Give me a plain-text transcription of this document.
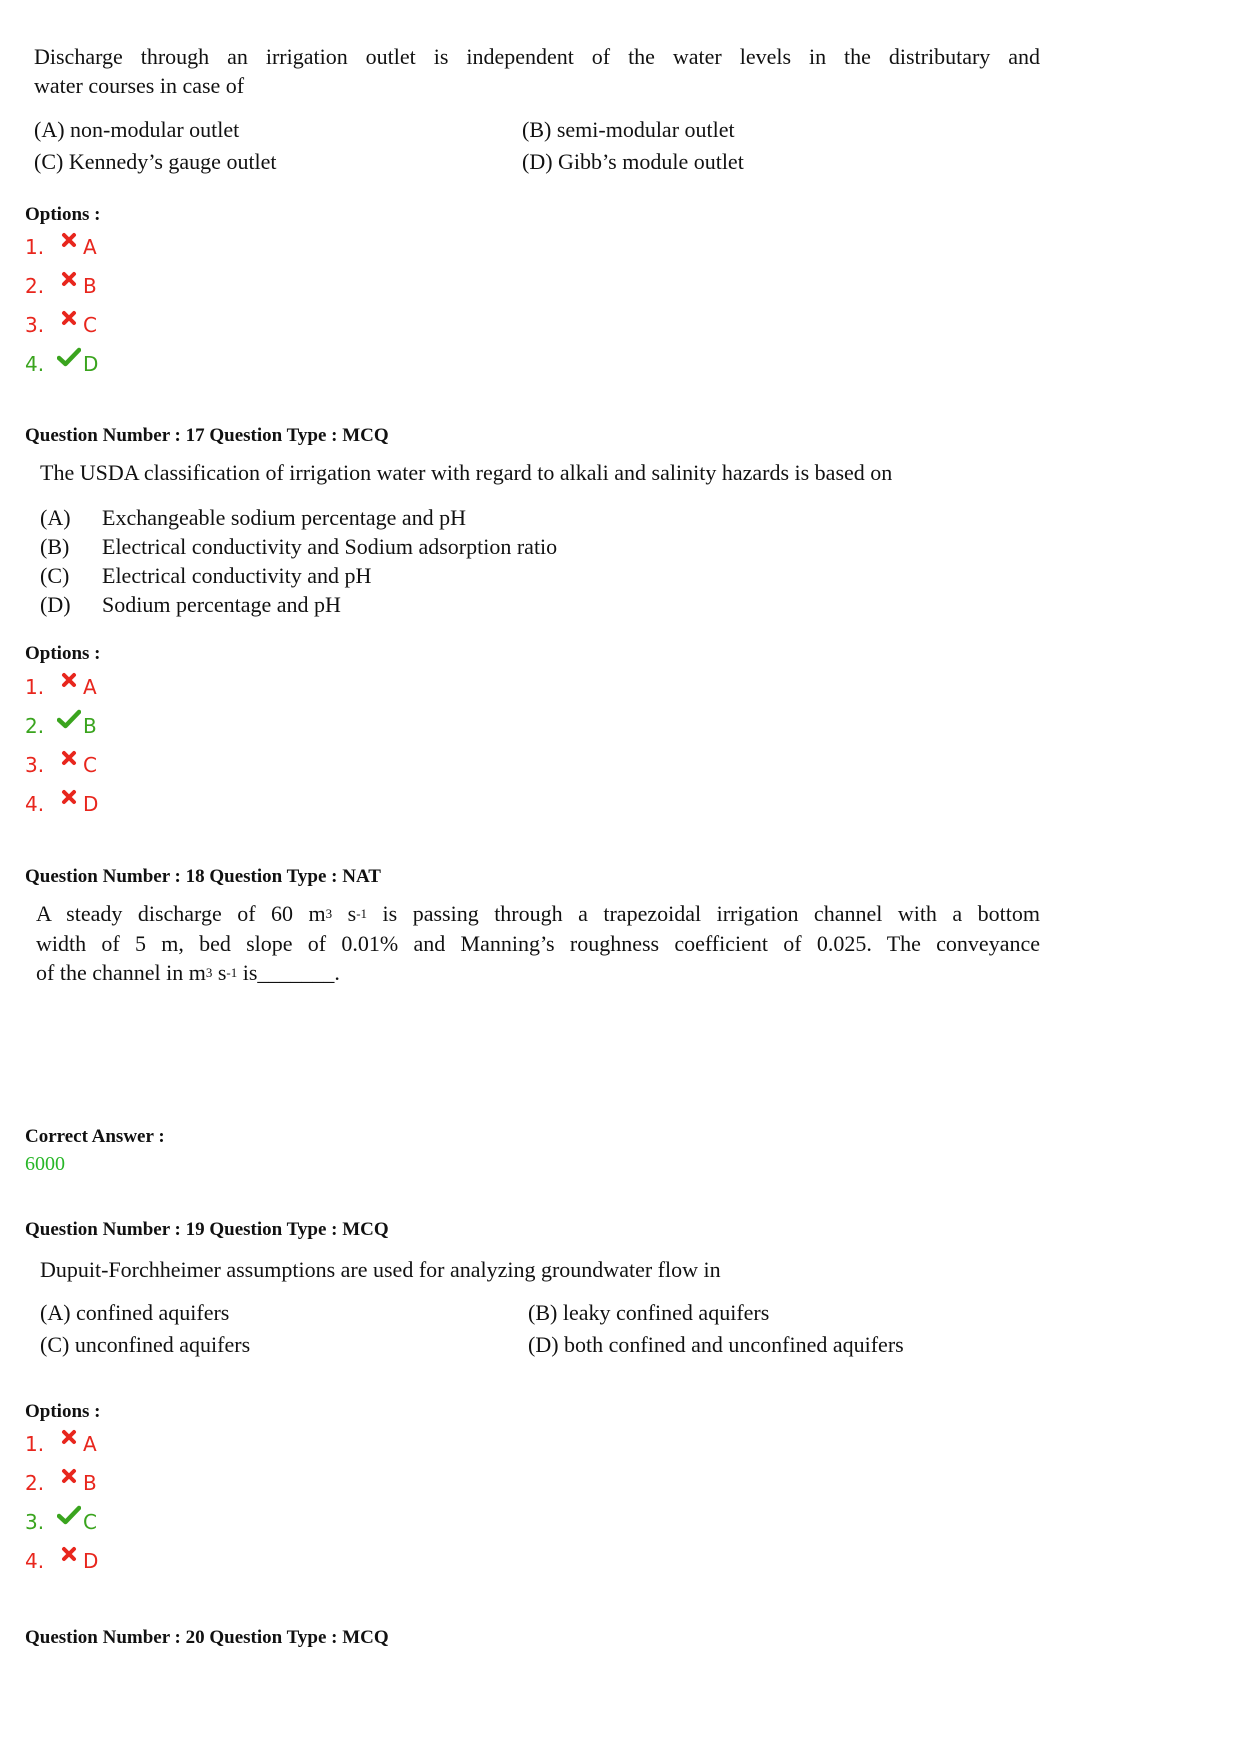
Discharge through an irrigation outlet is independent of the water levels in the distributary and
water courses in case of
(A) non-modular outlet	(B) semi-modular outlet
(C) Kennedy’s gauge outlet	(D) Gibb’s module outlet
Options :
1.	A
2.	B
3.	C
4.	D
Question Number : 17 Question Type : MCQ
The USDA classification of irrigation water with regard to alkali and salinity hazards is based on
(A)	Exchangeable sodium percentage and pH
(B)	Electrical conductivity and Sodium adsorption ratio
(C)	Electrical conductivity and pH
(D)	Sodium percentage and pH
Options :
1.	A
2.	B
3.	C
4.	D
Question Number : 18 Question Type : NAT
A steady discharge of 60 $m^3$ $s^{-1}$ is passing through a trapezoidal irrigation channel with a bottom
width of 5 m, bed slope of 0.01% and Manning’s roughness coefficient of 0.025. The conveyance
of the channel in $m^3$ $s^{-1}$ is_______.
Correct Answer :
6000
Question Number : 19 Question Type : MCQ
Dupuit-Forchheimer assumptions are used for analyzing groundwater flow in
(A) confined aquifers	(B) leaky confined aquifers
(C) unconfined aquifers	(D) both confined and unconfined aquifers
Options :
1.	A
2.	B
3.	C
4.	D
Question Number : 20 Question Type : MCQ
